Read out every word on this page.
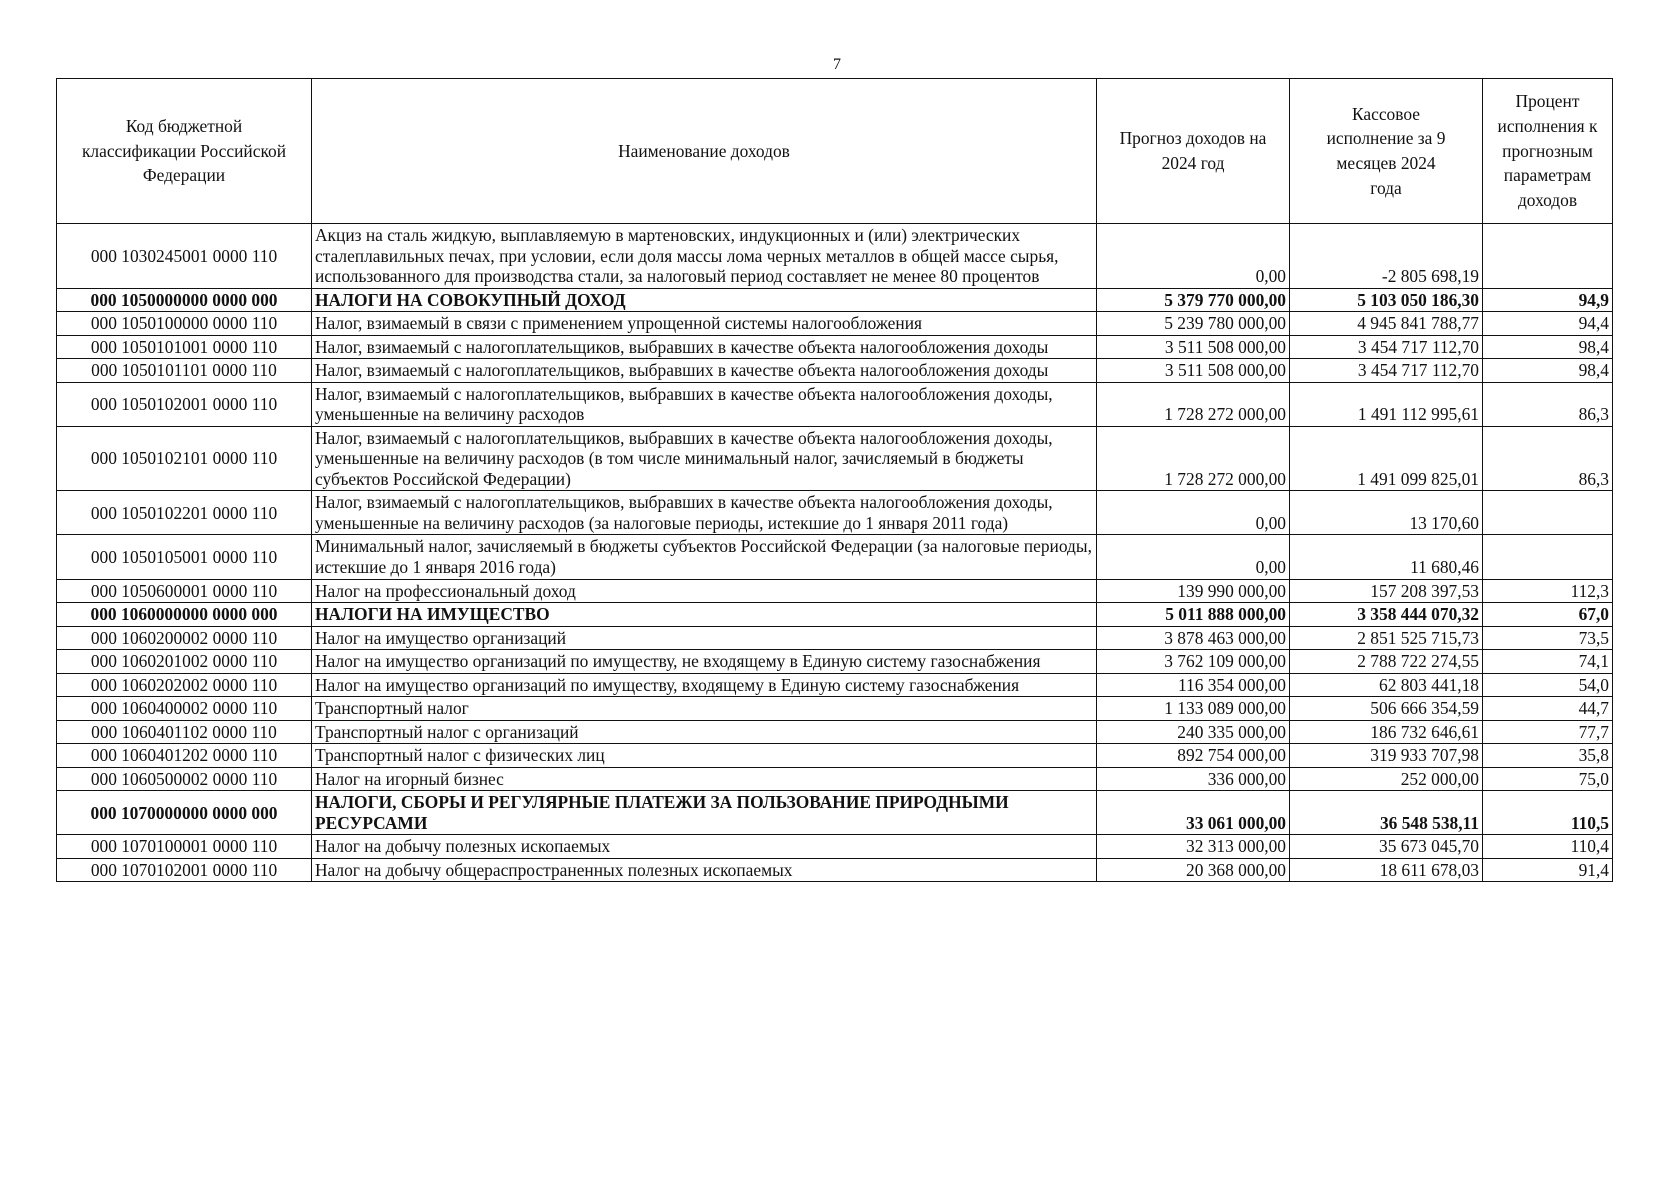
7
Код бюджетной классификации Российской Федерации	Наименование доходов	Прогноз доходов на 2024 год	Кассовое исполнение за 9 месяцев 2024 года	Процент исполнения к прогнозным параметрам доходов
000 1030245001 0000 110	Акциз на сталь жидкую, выплавляемую в мартеновских, индукционных и (или) электрических сталеплавильных печах, при условии, если доля массы лома черных металлов в общей массе сырья, использованного для производства стали, за налоговый период составляет не менее 80 процентов	0,00	-2 805 698,19	
000 1050000000 0000 000	НАЛОГИ НА СОВОКУПНЫЙ ДОХОД	5 379 770 000,00	5 103 050 186,30	94,9
000 1050100000 0000 110	Налог, взимаемый в связи с применением упрощенной системы налогообложения	5 239 780 000,00	4 945 841 788,77	94,4
000 1050101001 0000 110	Налог, взимаемый с налогоплательщиков, выбравших в качестве объекта налогообложения доходы	3 511 508 000,00	3 454 717 112,70	98,4
000 1050101101 0000 110	Налог, взимаемый с налогоплательщиков, выбравших в качестве объекта налогообложения доходы	3 511 508 000,00	3 454 717 112,70	98,4
000 1050102001 0000 110	Налог, взимаемый с налогоплательщиков, выбравших в качестве объекта налогообложения доходы, уменьшенные на величину расходов	1 728 272 000,00	1 491 112 995,61	86,3
000 1050102101 0000 110	Налог, взимаемый с налогоплательщиков, выбравших в качестве объекта налогообложения доходы, уменьшенные на величину расходов (в том числе минимальный налог, зачисляемый в бюджеты субъектов Российской Федерации)	1 728 272 000,00	1 491 099 825,01	86,3
000 1050102201 0000 110	Налог, взимаемый с налогоплательщиков, выбравших в качестве объекта налогообложения доходы, уменьшенные на величину расходов (за налоговые периоды, истекшие до 1 января 2011 года)	0,00	13 170,60	
000 1050105001 0000 110	Минимальный налог, зачисляемый в бюджеты субъектов Российской Федерации (за налоговые периоды, истекшие до 1 января 2016 года)	0,00	11 680,46	
000 1050600001 0000 110	Налог на профессиональный доход	139 990 000,00	157 208 397,53	112,3
000 1060000000 0000 000	НАЛОГИ НА ИМУЩЕСТВО	5 011 888 000,00	3 358 444 070,32	67,0
000 1060200002 0000 110	Налог на имущество организаций	3 878 463 000,00	2 851 525 715,73	73,5
000 1060201002 0000 110	Налог на имущество организаций по имуществу, не входящему в Единую систему газоснабжения	3 762 109 000,00	2 788 722 274,55	74,1
000 1060202002 0000 110	Налог на имущество организаций по имуществу, входящему в Единую систему газоснабжения	116 354 000,00	62 803 441,18	54,0
000 1060400002 0000 110	Транспортный налог	1 133 089 000,00	506 666 354,59	44,7
000 1060401102 0000 110	Транспортный налог с организаций	240 335 000,00	186 732 646,61	77,7
000 1060401202 0000 110	Транспортный налог с физических лиц	892 754 000,00	319 933 707,98	35,8
000 1060500002 0000 110	Налог на игорный бизнес	336 000,00	252 000,00	75,0
000 1070000000 0000 000	НАЛОГИ, СБОРЫ И РЕГУЛЯРНЫЕ ПЛАТЕЖИ ЗА ПОЛЬЗОВАНИЕ ПРИРОДНЫМИ РЕСУРСАМИ	33 061 000,00	36 548 538,11	110,5
000 1070100001 0000 110	Налог на добычу полезных ископаемых	32 313 000,00	35 673 045,70	110,4
000 1070102001 0000 110	Налог на добычу общераспространенных полезных ископаемых	20 368 000,00	18 611 678,03	91,4
